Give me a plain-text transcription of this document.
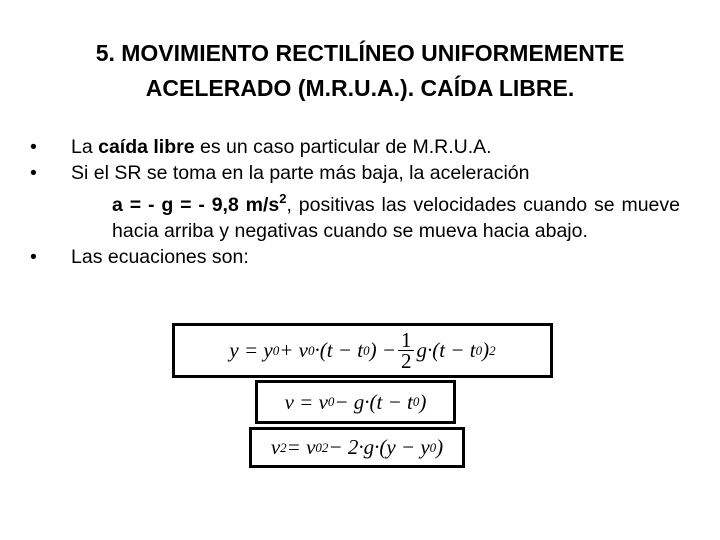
5. MOVIMIENTO RECTILÍNEO UNIFORMEMENTE
ACELERADO (M.R.U.A.). CAÍDA LIBRE.
•	La caída libre es un caso particular de M.R.U.A.
•	Si el SR se toma en la parte más baja, la aceleración
a = - g = - 9,8 $m/s^2$, positivas las velocidades cuando se mueve hacia arriba y negativas cuando se mueva hacia abajo.
•	Las ecuaciones son:
y = y 0 + v 0 ·(t − t 0 ) − $\frac{1}{2} g\cdot(t - t$ 0 ) 2
v = v 0 − g·(t − t 0 )
v 2 = v 0 2 − 2·g·(y − y 0 )
